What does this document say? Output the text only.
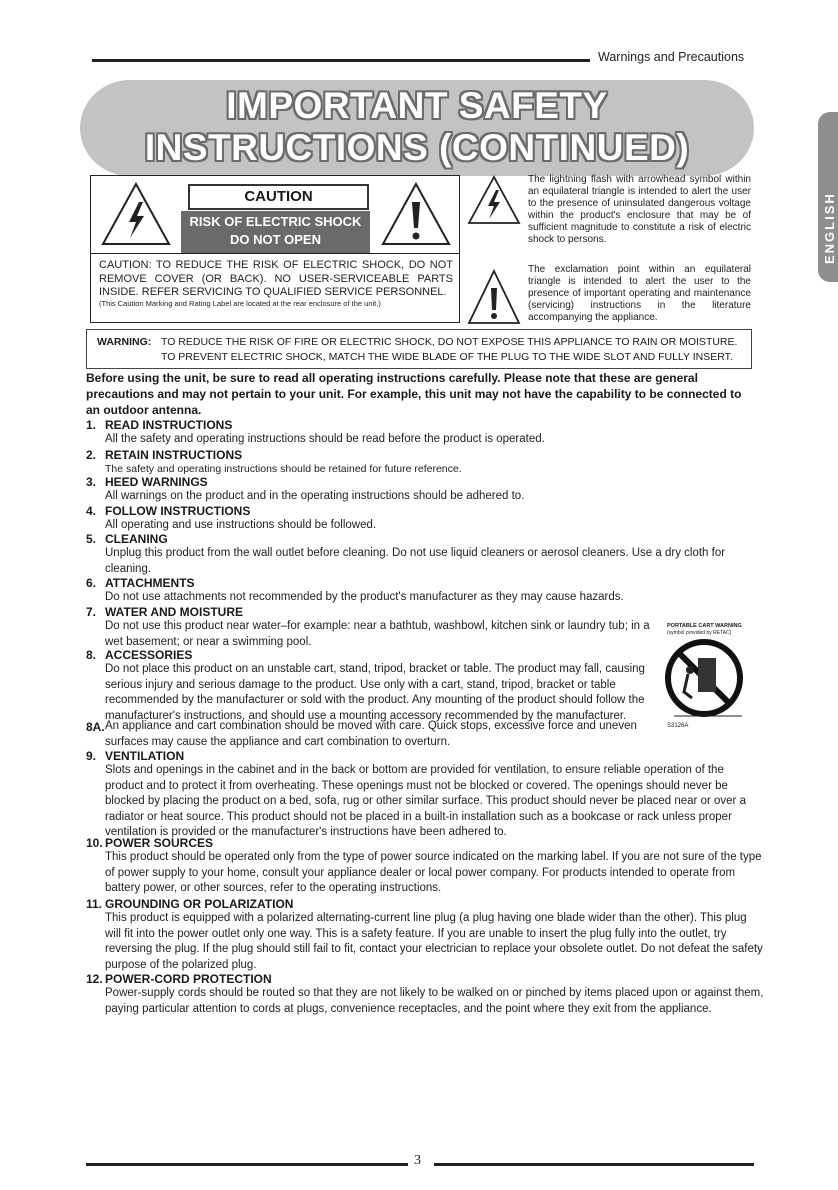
Warnings and Precautions
IMPORTANT SAFETY
INSTRUCTIONS (CONTINUED)
ENGLISH
CAUTION
RISK OF ELECTRIC SHOCK
DO NOT OPEN
CAUTION: TO REDUCE THE RISK OF ELECTRIC SHOCK, DO NOT REMOVE COVER (OR BACK). NO USER-SERVICEABLE PARTS INSIDE. REFER SERVICING TO QUALIFIED SERVICE PERSONNEL.
(This Caution Marking and Rating Label are located at the rear enclosure of the unit.)
The lightning flash with arrowhead symbol within an equilateral triangle is intended to alert the user to the presence of uninsulated dangerous voltage within the product's enclosure that may be of sufficient magnitude to constitute a risk of electric shock to persons.
The exclamation point within an equilateral triangle is intended to alert the user to the presence of important operating and maintenance (servicing) instructions in the literature accompanying the appliance.
WARNING: TO REDUCE THE RISK OF FIRE OR ELECTRIC SHOCK, DO NOT EXPOSE THIS APPLIANCE TO RAIN OR MOISTURE.
TO PREVENT ELECTRIC SHOCK, MATCH THE WIDE BLADE OF THE PLUG TO THE WIDE SLOT AND FULLY INSERT.
Before using the unit, be sure to read all operating instructions carefully. Please note that these are general precautions and may not pertain to your unit. For example, this unit may not have the capability to be connected to an outdoor antenna.
1. READ INSTRUCTIONS
All the safety and operating instructions should be read before the product is operated.
2. RETAIN INSTRUCTIONS
The safety and operating instructions should be retained for future reference.
3. HEED WARNINGS
All warnings on the product and in the operating instructions should be adhered to.
4. FOLLOW INSTRUCTIONS
All operating and use instructions should be followed.
5. CLEANING
Unplug this product from the wall outlet before cleaning. Do not use liquid cleaners or aerosol cleaners. Use a dry cloth for cleaning.
6. ATTACHMENTS
Do not use attachments not recommended by the product's manufacturer as they may cause hazards.
7. WATER AND MOISTURE
Do not use this product near water–for example: near a bathtub, washbowl, kitchen sink or laundry tub; in a wet basement; or near a swimming pool.
PORTABLE CART WARNING
(symbol provided by RETAC)
S3126A
8. ACCESSORIES
Do not place this product on an unstable cart, stand, tripod, bracket or table. The product may fall, causing serious injury and serious damage to the product. Use only with a cart, stand, tripod, bracket or table recommended by the manufacturer or sold with the product. Any mounting of the product should follow the manufacturer's instructions, and should use a mounting accessory recommended by the manufacturer.
8A. An appliance and cart combination should be moved with care. Quick stops, excessive force and uneven surfaces may cause the appliance and cart combination to overturn.
9. VENTILATION
Slots and openings in the cabinet and in the back or bottom are provided for ventilation, to ensure reliable operation of the product and to protect it from overheating. These openings must not be blocked or covered. The openings should never be blocked by placing the product on a bed, sofa, rug or other similar surface. This product should never be placed near or over a radiator or heat source. This product should not be placed in a built-in installation such as a bookcase or rack unless proper ventilation is provided or the manufacturer's instructions have been adhered to.
10. POWER SOURCES
This product should be operated only from the type of power source indicated on the marking label. If you are not sure of the type of power supply to your home, consult your appliance dealer or local power company. For products intended to operate from battery power, or other sources, refer to the operating instructions.
11. GROUNDING OR POLARIZATION
This product is equipped with a polarized alternating-current line plug (a plug having one blade wider than the other). This plug will fit into the power outlet only one way. This is a safety feature. If you are unable to insert the plug fully into the outlet, try reversing the plug. If the plug should still fail to fit, contact your electrician to replace your obsolete outlet. Do not defeat the safety purpose of the polarized plug.
12. POWER-CORD PROTECTION
Power-supply cords should be routed so that they are not likely to be walked on or pinched by items placed upon or against them, paying particular attention to cords at plugs, convenience receptacles, and the point where they exit from the appliance.
3
